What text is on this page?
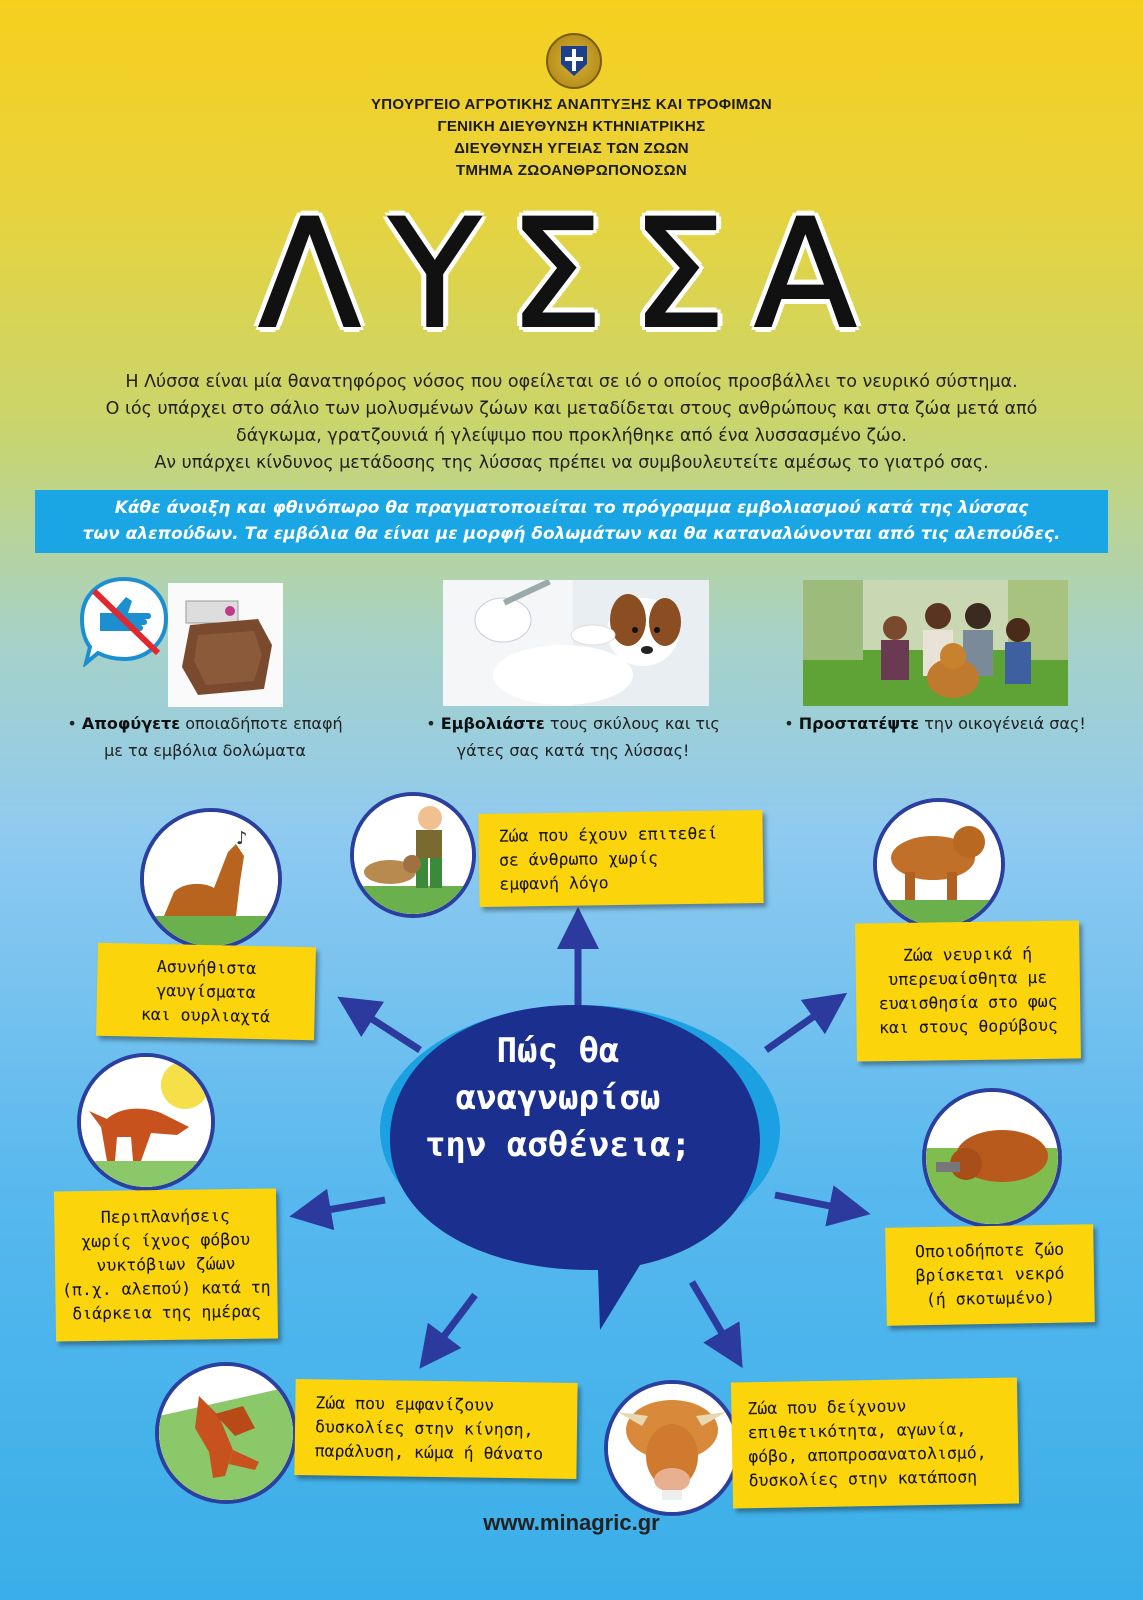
ΥΠΟΥΡΓΕΙΟ ΑΓΡΟΤΙΚΗΣ ΑΝΑΠΤΥΞΗΣ ΚΑΙ ΤΡΟΦΙΜΩΝ
ΓΕΝΙΚΗ ΔΙΕΥΘΥΝΣΗ ΚΤΗΝΙΑΤΡΙΚΗΣ
ΔΙΕΥΘΥΝΣΗ ΥΓΕΙΑΣ ΤΩΝ ΖΩΩΝ
ΤΜΗΜΑ ΖΩΟΑΝΘΡΩΠΟΝΟΣΩΝ
ΛΥΣΣΑ
Η Λύσσα είναι μία θανατηφόρος νόσος που οφείλεται σε ιό ο οποίος προσβάλλει το νευρικό σύστημα.
Ο ιός υπάρχει στο σάλιο των μολυσμένων ζώων και μεταδίδεται στους ανθρώπους και στα ζώα μετά από
δάγκωμα, γρατζουνιά ή γλείψιμο που προκλήθηκε από ένα λυσσασμένο ζώο.
Αν υπάρχει κίνδυνος μετάδοσης της λύσσας πρέπει να συμβουλευτείτε αμέσως το γιατρό σας.

Κάθε άνοιξη και φθινόπωρο θα πραγματοποιείται το πρόγραμμα εμβολιασμού κατά της λύσσας

των αλεπούδων. Τα εμβόλια θα είναι με μορφή δολωμάτων και θα καταναλώνονται από τις αλεπούδες.

• Αποφύγετε οποιαδήποτε επαφή
με τα εμβόλια δολώματα
• Εμβολιάστε τους σκύλους και τις
γάτες σας κατά της λύσσας!
• Προστατέψτε την οικογένειά σας!
Πώς θα
αναγνωρίσω
την ασθένεια;
♪
Ασυνήθιστα
γαυγίσματα
και ουρλιαχτά
Ζώα που έχουν επιτεθεί
σε άνθρωπο χωρίς
εμφανή λόγο
Ζώα νευρικά ή
υπερευαίσθητα με
ευαισθησία στο φως
και στους θορύβους
Περιπλανήσεις
χωρίς ίχνος φόβου
νυκτόβιων ζώων
(π.χ. αλεπού) κατά τη
διάρκεια της ημέρας
Οποιοδήποτε ζώο
βρίσκεται νεκρό
(ή σκοτωμένο)
Ζώα που εμφανίζουν
δυσκολίες στην κίνηση,
παράλυση, κώμα ή θάνατο
Ζώα που δείχνουν
επιθετικότητα, αγωνία,
φόβο, αποπροσανατολισμό,
δυσκολίες στην κατάποση
www.minagric.gr
